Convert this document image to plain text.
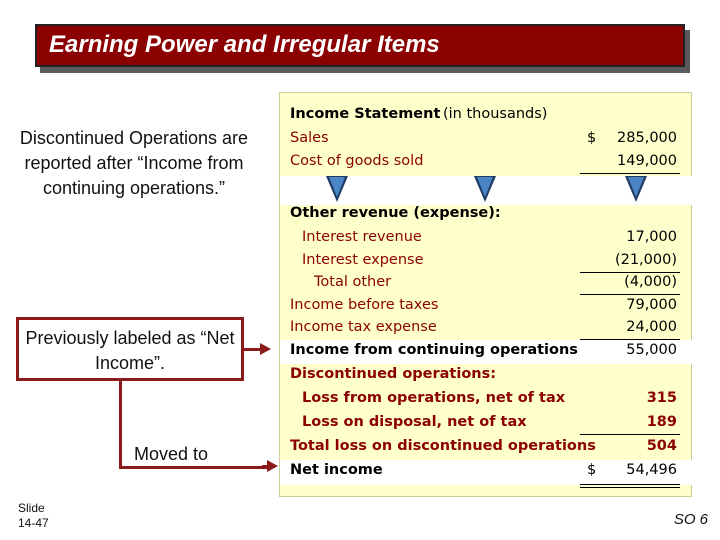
Earning Power and Irregular Items
Discontinued Operations are reported after “Income from continuing operations.”
Previously labeled as “Net Income”.
Moved to
Slide
14-47	SO 6
Income Statement (in thousands)
Sales	$ 285,000
Cost of goods sold	149,000
Other revenue (expense):
Interest revenue	17,000
Interest expense	(21,000)
Total other	(4,000)
Income before taxes	79,000
Income tax expense	24,000
Income from continuing operations	55,000
Discontinued operations:
Loss from operations, net of tax	315
Loss on disposal, net of tax	189
Total loss on discontinued operations	504
Net income	$ 54,496
